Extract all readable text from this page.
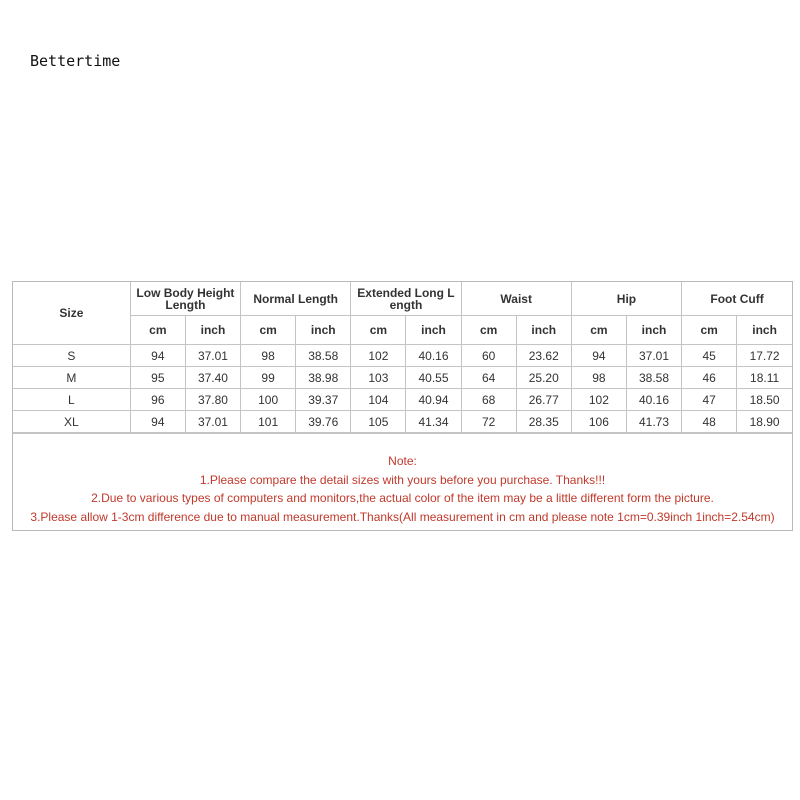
Bettertime
Size	Low Body Height Length		Normal Length		Extended Long L ength		Waist		Hip		Foot Cuff	
	cm	inch	cm	inch	cm	inch	cm	inch	cm	inch	cm	inch
S	94	37.01	98	38.58	102	40.16	60	23.62	94	37.01	45	17.72
M	95	37.40	99	38.98	103	40.55	64	25.20	98	38.58	46	18.11
L	96	37.80	100	39.37	104	40.94	68	26.77	102	40.16	47	18.50
XL	94	37.01	101	39.76	105	41.34	72	28.35	106	41.73	48	18.90
Note:
1.Please compare the detail sizes with yours before you purchase. Thanks!!!
2.Due to various types of computers and monitors,the actual color of the item may be a little different form the picture.
3.Please allow 1-3cm difference due to manual measurement.Thanks(All measurement in cm and please note 1cm=0.39inch 1inch=2.54cm)
